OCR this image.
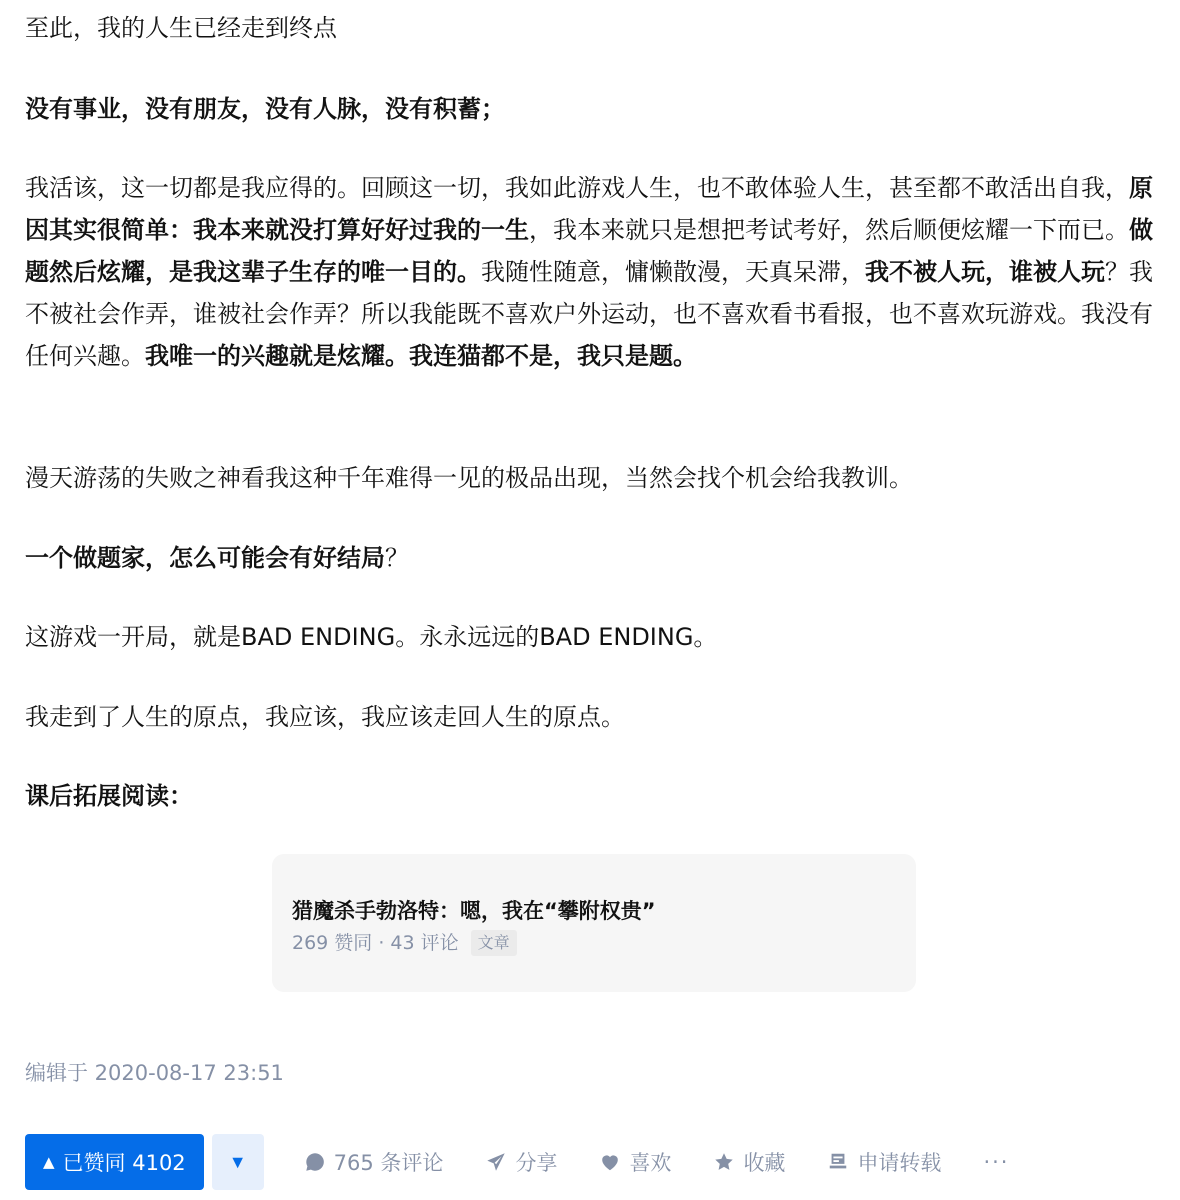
至此，我的人生已经走到终点

没有事业，没有朋友，没有人脉，没有积蓄；

我活该，这一切都是我应得的。回顾这一切，我如此游戏人生，也不敢体验人生，甚至都不敢活出自我，原因其实很简单：我本来就没打算好好过我的一生，我本来就只是想把考试考好，然后顺便炫耀一下而已。做题然后炫耀，是我这辈子生存的唯一目的。我随性随意，慵懒散漫，天真呆滞，我不被人玩，谁被人玩？我不被社会作弄，谁被社会作弄？所以我能既不喜欢户外运动，也不喜欢看书看报，也不喜欢玩游戏。我没有任何兴趣。我唯一的兴趣就是炫耀。我连猫都不是，我只是题。

漫天游荡的失败之神看我这种千年难得一见的极品出现，当然会找个机会给我教训。

一个做题家，怎么可能会有好结局？

这游戏一开局，就是BAD ENDING。永永远远的BAD ENDING。

我走到了人生的原点，我应该，我应该走回人生的原点。

课后拓展阅读：

猎魔杀手勃洛特：嗯，我在“攀附权贵”
269 赞同 · 43 评论	文章
编辑于 2020-08-17 23:51
▲ 已赞同 4102 ▼	765 条评论	分享	喜欢	收藏	申请转载 ···
